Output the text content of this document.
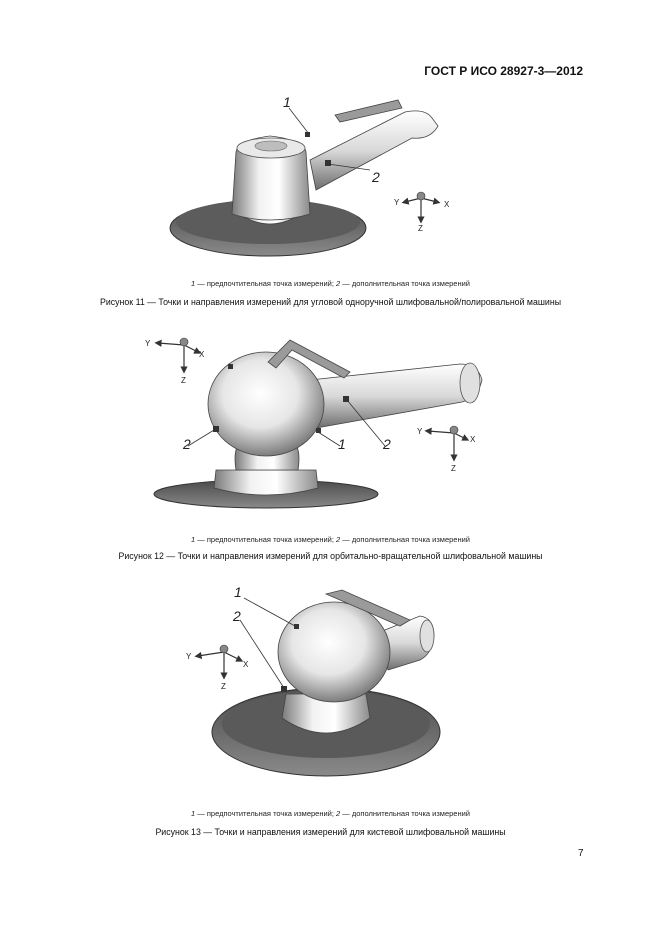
ГОСТ Р ИСО 28927-3—2012
1
2
Y	X
Z
2	1	2
Y
X
Z
Y
X
Z
1
2
Y
X
Z
1 — предпочтительная точка измерений; 2 — дополнительная точка измерений
Рисунок 11 — Точки и направления измерений для угловой одноручной шлифовальной/полировальной машины
1 — предпочтительная точка измерений; 2 — дополнительная точка измерений
Рисунок 12 — Точки и направления измерений для орбитально-вращательной шлифовальной машины
1 — предпочтительная точка измерений; 2 — дополнительная точка измерений
Рисунок 13 — Точки и направления измерений для кистевой шлифовальной машины
7
